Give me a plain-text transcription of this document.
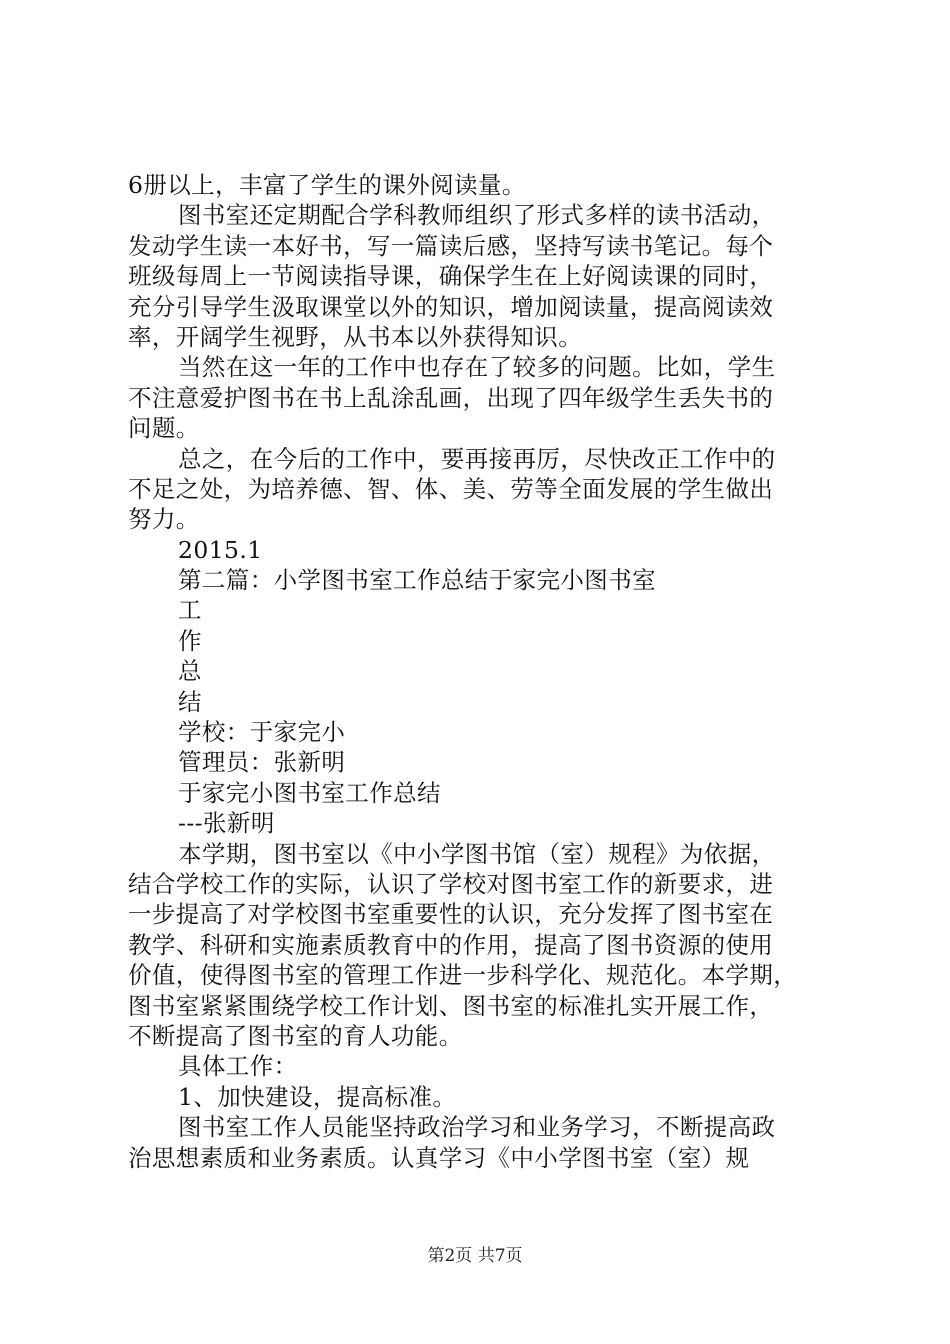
6册以上，丰富了学生的课外阅读量。
图书室还定期配合学科教师组织了形式多样的读书活动，
发动学生读一本好书，写一篇读后感，坚持写读书笔记。每个
班级每周上一节阅读指导课，确保学生在上好阅读课的同时，
充分引导学生汲取课堂以外的知识，增加阅读量，提高阅读效
率，开阔学生视野，从书本以外获得知识。
当然在这一年的工作中也存在了较多的问题。比如，学生
不注意爱护图书在书上乱涂乱画，出现了四年级学生丢失书的
问题。
总之，在今后的工作中，要再接再厉，尽快改正工作中的
不足之处，为培养德、智、体、美、劳等全面发展的学生做出
努力。
2015.1
第二篇：小学图书室工作总结于家完小图书室
工
作
总
结
学校：于家完小
管理员：张新明
于家完小图书室工作总结
---张新明
本学期，图书室以《中小学图书馆（室）规程》为依据，
结合学校工作的实际，认识了学校对图书室工作的新要求，进
一步提高了对学校图书室重要性的认识，充分发挥了图书室在
教学、科研和实施素质教育中的作用，提高了图书资源的使用
价值，使得图书室的管理工作进一步科学化、规范化。本学期，
图书室紧紧围绕学校工作计划、图书室的标准扎实开展工作，
不断提高了图书室的育人功能。
具体工作：
1、加快建设，提高标准。
图书室工作人员能坚持政治学习和业务学习，不断提高政
治思想素质和业务素质。认真学习《中小学图书室（室）规
第2页 共7页
